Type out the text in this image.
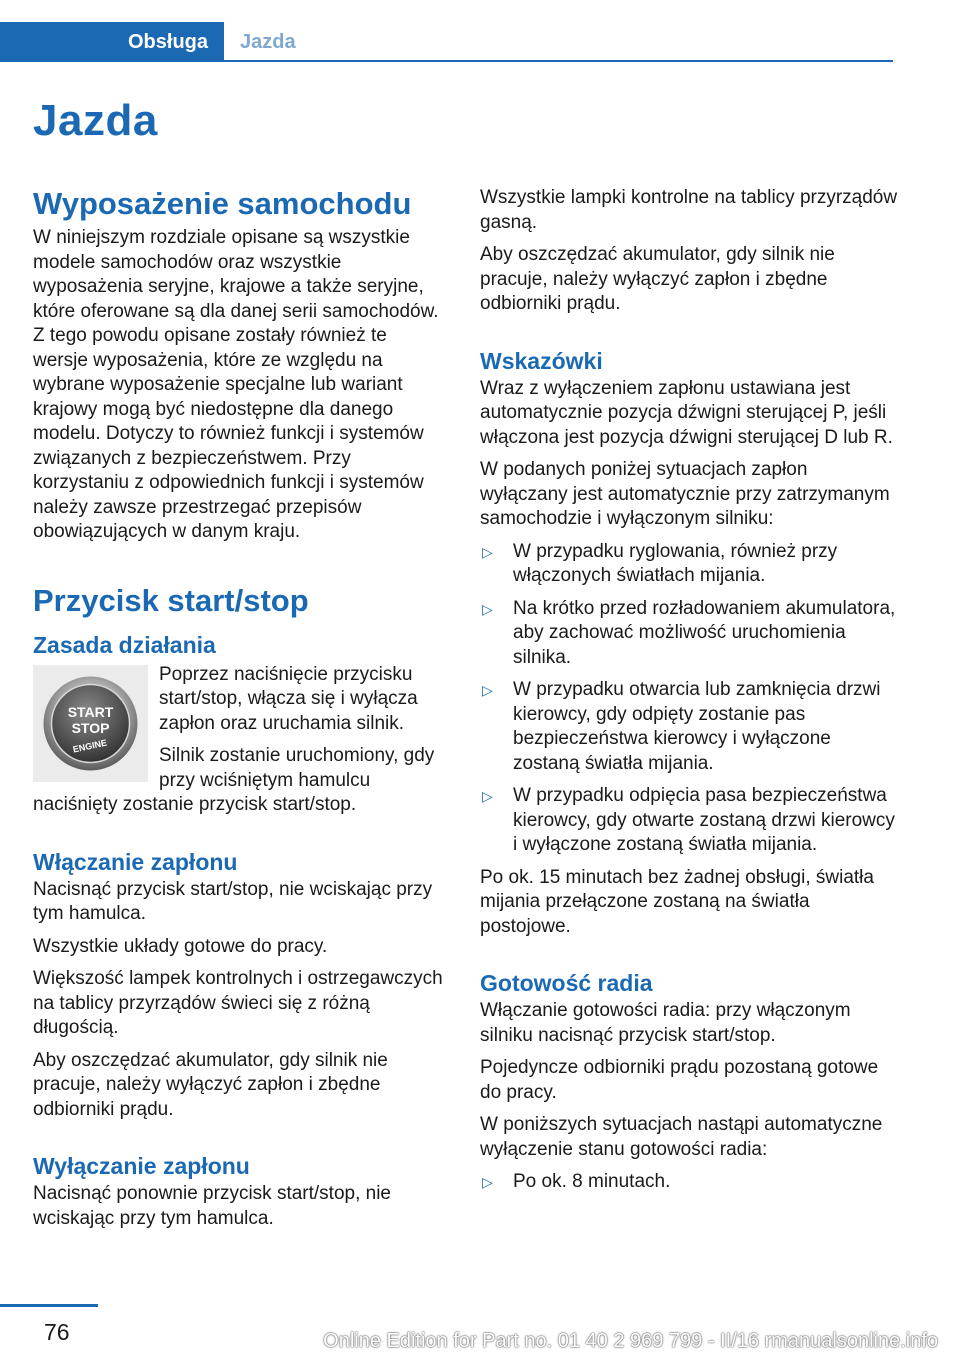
Obsługa	Jazda
Jazda
Wyposażenie samochodu

W niniejszym rozdziale opisane są wszystkie modele samochodów oraz wszystkie wyposażenia seryjne, krajowe a także seryjne, które oferowane są dla danej serii samochodów. Z tego powodu opisane zostały również te wersje wyposażenia, które ze względu na wybrane wyposażenie specjalne lub wariant krajowy mogą być niedostępne dla danego modelu. Dotyczy to również funkcji i systemów związanych z bezpieczeństwem. Przy korzystaniu z odpowiednich funkcji i systemów należy zawsze przestrzegać przepisów obowiązujących w danym kraju.

Przycisk start/stop
Zasada działania
START
STOP
ENGINE

Poprzez naciśnięcie przycisku start/stop, włącza się i wyłącza zapłon oraz uruchamia silnik.

Silnik zostanie uruchomiony, gdy przy wciśniętym hamulcu naciśnięty zostanie przycisk start/stop.

Włączanie zapłonu

Nacisnąć przycisk start/stop, nie wciskając przy tym hamulca.

Wszystkie układy gotowe do pracy.

Większość lampek kontrolnych i ostrzegawczych na tablicy przyrządów świeci się z różną długością.

Aby oszczędzać akumulator, gdy silnik nie pracuje, należy wyłączyć zapłon i zbędne odbiorniki prądu.

Wyłączanie zapłonu

Nacisnąć ponownie przycisk start/stop, nie wciskając przy tym hamulca.

Wszystkie lampki kontrolne na tablicy przyrządów gasną.

Aby oszczędzać akumulator, gdy silnik nie pracuje, należy wyłączyć zapłon i zbędne odbiorniki prądu.

Wskazówki

Wraz z wyłączeniem zapłonu ustawiana jest automatycznie pozycja dźwigni sterującej P, jeśli włączona jest pozycja dźwigni sterującej D lub R.

W podanych poniżej sytuacjach zapłon wyłączany jest automatycznie przy zatrzymanym samochodzie i wyłączonym silniku:

▷ W przypadku ryglowania, również przy włączonych światłach mijania.
▷ Na krótko przed rozładowaniem akumulatora, aby zachować możliwość uruchomienia silnika.
▷ W przypadku otwarcia lub zamknięcia drzwi kierowcy, gdy odpięty zostanie pas bezpieczeństwa kierowcy i wyłączone zostaną światła mijania.
▷ W przypadku odpięcia pasa bezpieczeństwa kierowcy, gdy otwarte zostaną drzwi kierowcy i wyłączone zostaną światła mijania.

Po ok. 15 minutach bez żadnej obsługi, światła mijania przełączone zostaną na światła postojowe.

Gotowość radia

Włączanie gotowości radia: przy włączonym silniku nacisnąć przycisk start/stop.

Pojedyncze odbiorniki prądu pozostaną gotowe do pracy.

W poniższych sytuacjach nastąpi automatyczne wyłączenie stanu gotowości radia:

▷ Po ok. 8 minutach.
76	Online Edition for Part no. 01 40 2 969 799 - II/16 rmanualsonline.info
